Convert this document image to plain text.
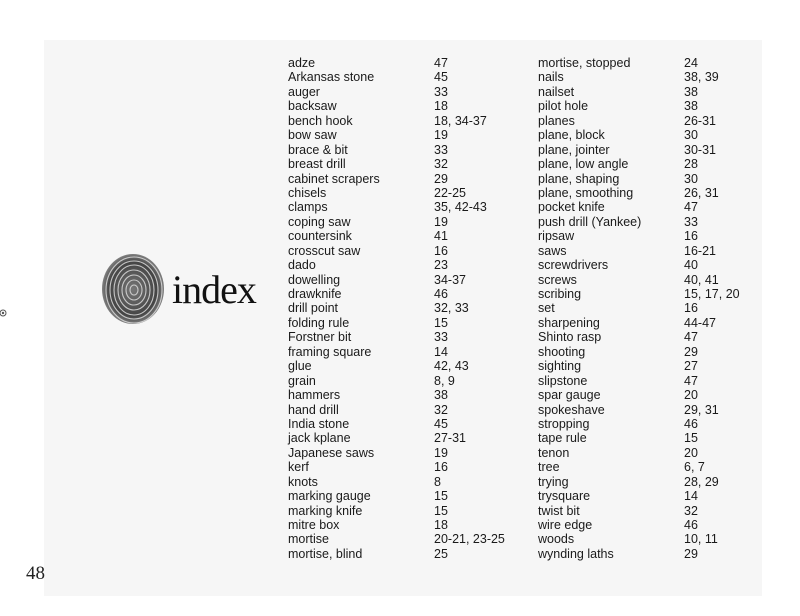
index
adze	47
Arkansas stone	45
auger	33
backsaw	18
bench hook	18, 34-37
bow saw	19
brace & bit	33
breast drill	32
cabinet scrapers	29
chisels	22-25
clamps	35, 42-43
coping saw	19
countersink	41
crosscut saw	16
dado	23
dowelling	34-37
drawknife	46
drill point	32, 33
folding rule	15
Forstner bit	33
framing square	14
glue	42, 43
grain	8, 9
hammers	38
hand drill	32
India stone	45
jack kplane	27-31
Japanese saws	19
kerf	16
knots	8
marking gauge	15
marking knife	15
mitre box	18
mortise	20-21, 23-25
mortise, blind	25
mortise, stopped	24
nails	38, 39
nailset	38
pilot hole	38
planes	26-31
plane, block	30
plane, jointer	30-31
plane, low angle	28
plane, shaping	30
plane, smoothing	26, 31
pocket knife	47
push drill (Yankee)	33
ripsaw	16
saws	16-21
screwdrivers	40
screws	40, 41
scribing	15, 17, 20
set	16
sharpening	44-47
Shinto rasp	47
shooting	29
sighting	27
slipstone	47
spar gauge	20
spokeshave	29, 31
stropping	46
tape rule	15
tenon	20
tree	6, 7
trying	28, 29
trysquare	14
twist bit	32
wire edge	46
woods	10, 11
wynding laths	29
48
